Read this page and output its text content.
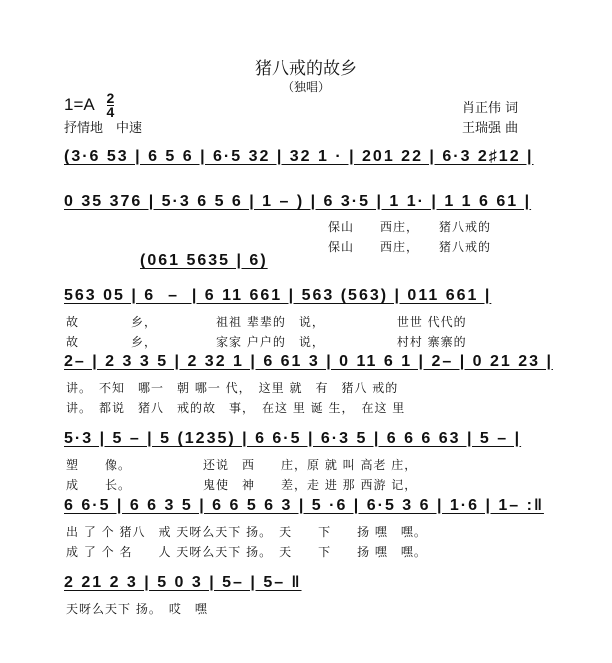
猪八戒的故乡
（独唱）
$1=A \frac{2}{4}$
抒情地　中速
肖正伟 词
王瑞强 曲
(3·6 53 | 6 5 6 | 6·5 32 | 32 1 · | 201 22 | 6·3 2♯12 |
0 35 376 | 5·3 6 5 6 | 1 – ) | 6 3·5 | 1 1· | 1 1 6 61 |
保山　　西庄，　　猪八戒的
保山　　西庄，　　猪八戒的
(061 5635 | 6)
563 05 | 6  –  | 6 11 661 | 563 (563) | 011 661 |
故　　　　乡，　　　　　祖祖 辈辈的　说，　　　　　　世世 代代的
故　　　　乡，　　　　　家家 户户的　说，　　　　　　村村 寨寨的
2– | 2 3 3 5 | 2 32 1 | 6 61 3 | 0 11 6 1 | 2– | 0 21 23 |
讲。　不知　哪一　朝 哪一 代，　这里 就　有　猪八 戒的
讲。　都说　猪八　戒的故　事，　在这 里 诞 生，　在这 里
5·3 | 5 – | 5 (1235) | 6 6·5 | 6·3 5 | 6 6 6 63 | 5 – |
塑　　像。　　　　　　还说　西　　庄，原 就 叫 高老 庄，
成　　长。　　　　　　鬼使　神　　差，走 进 那 西游 记，
6 6·5 | 6 6 3 5 | 6 6 5 6 3 | 5 ·6 | 6·5 3 6 | 1·6 | 1– :‖
出 了 个 猪八　戒 天呀么天下 扬。　天　　下　　扬 嘿　嘿。
成 了 个 名　　人 天呀么天下 扬。　天　　下　　扬 嘿　嘿。
2 21 2 3 | 5 0 3 | 5– | 5– ‖
天呀么天下 扬。　哎　嘿
